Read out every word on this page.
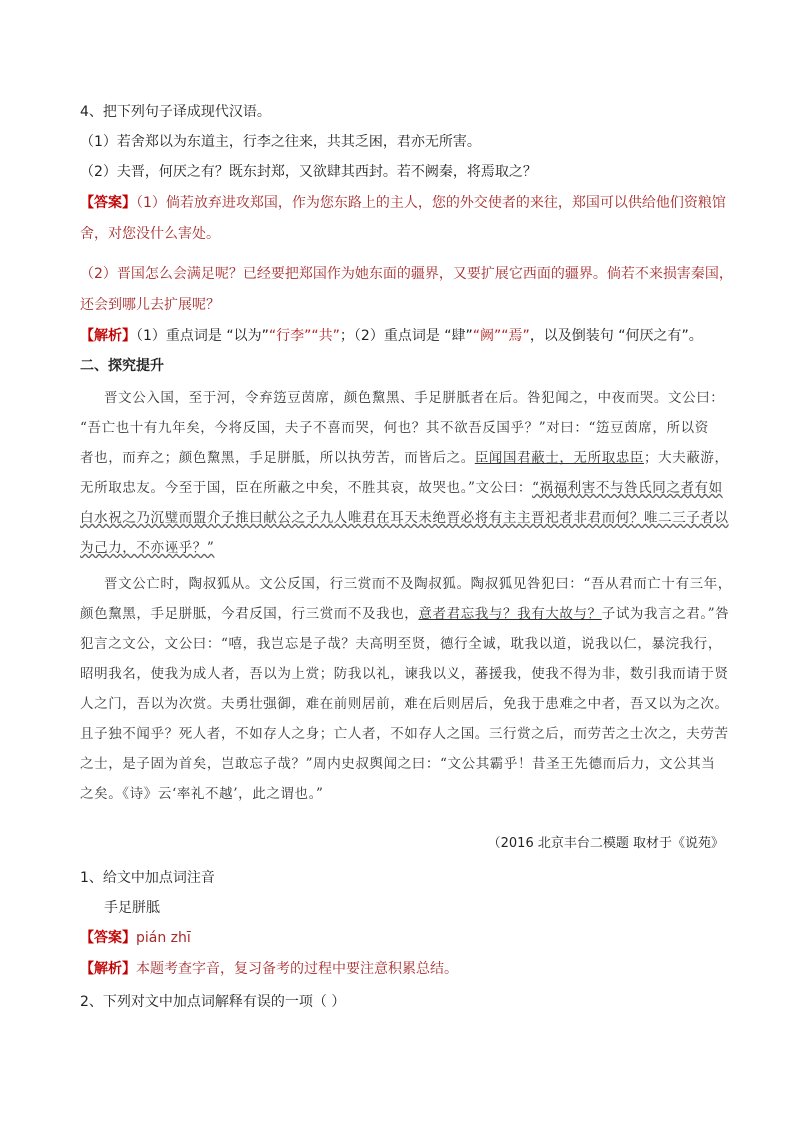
4、把下列句子译成现代汉语。
（1）若舍郑以为东道主，行李之往来，共其乏困，君亦无所害。
（2）夫晋，何厌之有？既东封郑，又欲肆其西封。若不阙秦，将焉取之？
【答案】（1）倘若放弃进攻郑国，作为您东路上的主人，您的外交使者的来往，郑国可以供给他们资粮馆
舍，对您没什么害处。
（2）晋国怎么会满足呢？已经要把郑国作为她东面的疆界，又要扩展它西面的疆界。倘若不来损害秦国，
还会到哪儿去扩展呢？
【解析】（1）重点词是 “以为”“行李”“共”；（2）重点词是 “肆”“阙”“焉”，以及倒装句 “何厌之有”。
二、探究提升
晋文公入国，至于河，令弃笾豆茵席，颜色黧黑、手足胼胝者在后。咎犯闻之，中夜而哭。文公曰：
“吾亡也十有九年矣，今将反国，夫子不喜而哭，何也？其不欲吾反国乎？”对曰：“笾豆茵席，所以资
者也，而弃之；颜色黧黑，手足胼胝，所以执劳苦，而皆后之。臣闻国君蔽士，无所取忠臣；大夫蔽游，
无所取忠友。今至于国，臣在所蔽之中矣，不胜其哀，故哭也。”文公曰：“祸福利害不与咎氏同之者有如
白水祝之乃沉璧而盟介子推曰献公之子九人唯君在耳天未绝晋必将有主主晋祀者非君而何？唯二三子者以
为己力，不亦诬乎？”
晋文公亡时，陶叔狐从。文公反国，行三赏而不及陶叔狐。陶叔狐见咎犯曰：“吾从君而亡十有三年，
颜色黧黑，手足胼胝，今君反国，行三赏而不及我也，意者君忘我与？我有大故与？子试为我言之君。”咎
犯言之文公，文公曰：“嘻，我岂忘是子哉？夫高明至贤，德行全诚，耽我以道，说我以仁，暴浣我行，
昭明我名，使我为成人者，吾以为上赏；防我以礼，谏我以义，蕃援我，使我不得为非，数引我而请于贤
人之门，吾以为次赏。夫勇壮强御，难在前则居前，难在后则居后，免我于患难之中者，吾又以为之次。
且子独不闻乎？死人者，不如存人之身；亡人者，不如存人之国。三行赏之后，而劳苦之士次之，夫劳苦
之士，是子固为首矣，岂敢忘子哉？”周内史叔舆闻之曰：“文公其霸乎！昔圣王先德而后力，文公其当
之矣。《诗》云‘率礼不越’，此之谓也。”
（2016 北京丰台二模题 取材于《说苑》
1、给文中加点词注音
手足胼胝
【答案】pián zhī
【解析】本题考查字音，复习备考的过程中要注意积累总结。
2、下列对文中加点词解释有误的一项（ ）
